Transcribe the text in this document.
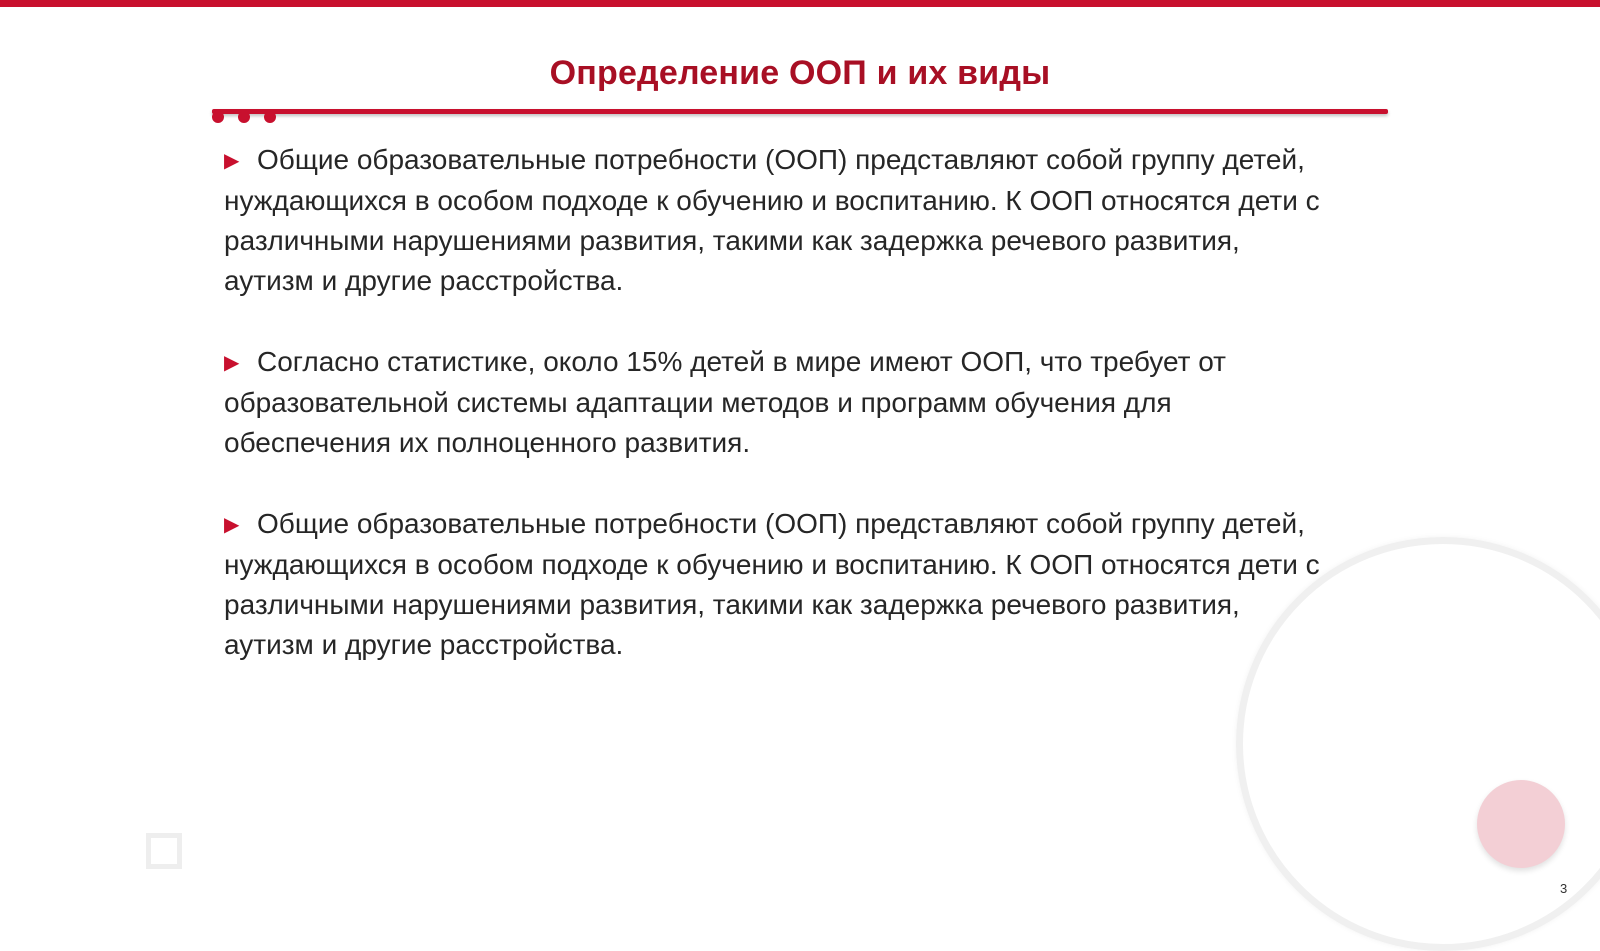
Определение ООП и их виды

▶ Общие образовательные потребности (ООП) представляют собой группу детей, нуждающихся в особом подходе к обучению и воспитанию. К ООП относятся дети с различными нарушениями развития, такими как задержка речевого развития, аутизм и другие расстройства.

▶ Согласно статистике, около 15% детей в мире имеют ООП, что требует от образовательной системы адаптации методов и программ обучения для обеспечения их полноценного развития.

▶ Общие образовательные потребности (ООП) представляют собой группу детей, нуждающихся в особом подходе к обучению и воспитанию. К ООП относятся дети с различными нарушениями развития, такими как задержка речевого развития, аутизм и другие расстройства.

3
